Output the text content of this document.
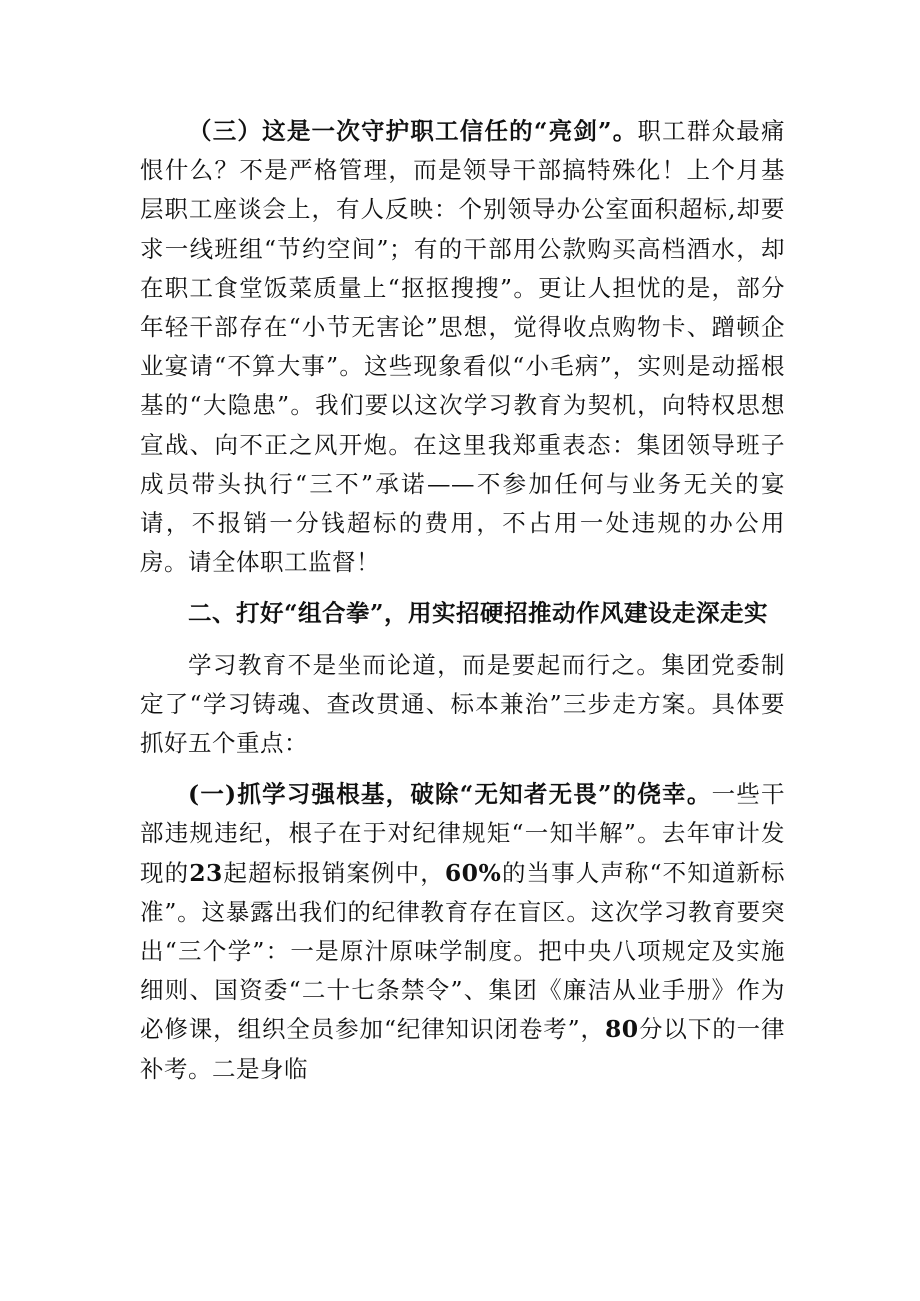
（三）这是一次守护职工信任的“亮剑”。职工群众最痛恨什么？不是严格管理，而是领导干部搞特殊化！上个月基层职工座谈会上，有人反映：个别领导办公室面积超标,却要求一线班组“节约空间”；有的干部用公款购买高档酒水，却在职工食堂饭菜质量上“抠抠搜搜”。更让人担忧的是，部分年轻干部存在“小节无害论”思想，觉得收点购物卡、蹭顿企业宴请“不算大事”。这些现象看似“小毛病”，实则是动摇根基的“大隐患”。我们要以这次学习教育为契机，向特权思想宣战、向不正之风开炮。在这里我郑重表态：集团领导班子成员带头执行“三不”承诺——不参加任何与业务无关的宴请，不报销一分钱超标的费用，不占用一处违规的办公用房。请全体职工监督！

二、打好“组合拳”，用实招硬招推动作风建设走深走实

学习教育不是坐而论道，而是要起而行之。集团党委制定了“学习铸魂、查改贯通、标本兼治”三步走方案。具体要抓好五个重点：

(一)抓学习强根基，破除“无知者无畏”的侥幸。一些干部违规违纪，根子在于对纪律规矩“一知半解”。去年审计发现的23起超标报销案例中，60%的当事人声称“不知道新标准”。这暴露出我们的纪律教育存在盲区。这次学习教育要突出“三个学”：一是原汁原味学制度。把中央八项规定及实施细则、国资委“二十七条禁令”、集团《廉洁从业手册》作为必修课，组织全员参加“纪律知识闭卷考”，80分以下的一律补考。二是身临
